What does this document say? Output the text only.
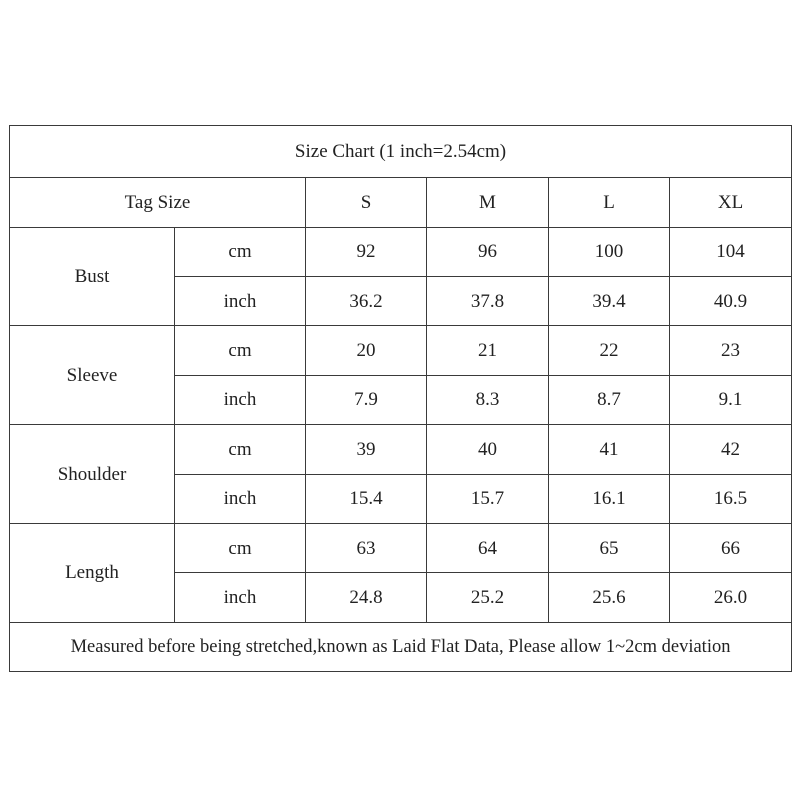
Size Chart (1 inch=2.54cm)					
Tag Size		S	M	L	XL
Bust	cm	92	96	100	104
	inch	36.2	37.8	39.4	40.9
Sleeve	cm	20	21	22	23
	inch	7.9	8.3	8.7	9.1
Shoulder	cm	39	40	41	42
	inch	15.4	15.7	16.1	16.5
Length	cm	63	64	65	66
	inch	24.8	25.2	25.6	26.0
Measured before being stretched,known as Laid Flat Data, Please allow 1~2cm deviation					
